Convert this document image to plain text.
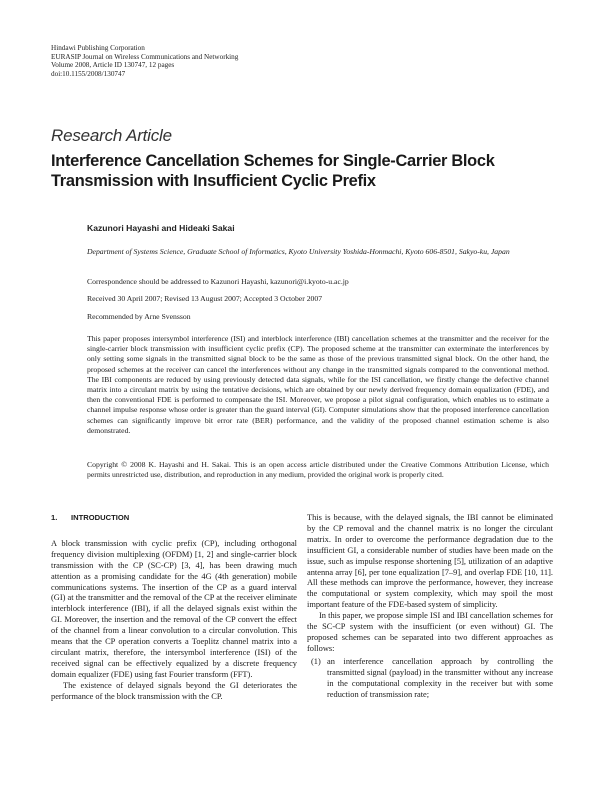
Hindawi Publishing Corporation
EURASIP Journal on Wireless Communications and Networking
Volume 2008, Article ID 130747, 12 pages
doi:10.1155/2008/130747
Research Article
Interference Cancellation Schemes for Single-Carrier Block Transmission with Insufficient Cyclic Prefix
Kazunori Hayashi and Hideaki Sakai
Department of Systems Science, Graduate School of Informatics, Kyoto University Yoshida-Honmachi, Kyoto 606-8501, Sakyo-ku, Japan
Correspondence should be addressed to Kazunori Hayashi, kazunori@i.kyoto-u.ac.jp
Received 30 April 2007; Revised 13 August 2007; Accepted 3 October 2007
Recommended by Arne Svensson

This paper proposes intersymbol interference (ISI) and interblock interference (IBI) cancellation schemes at the transmitter and the receiver for the single-carrier block transmission with insufficient cyclic prefix (CP). The proposed scheme at the transmitter can exterminate the interferences by only setting some signals in the transmitted signal block to be the same as those of the previous transmitted signal block. On the other hand, the proposed schemes at the receiver can cancel the interferences without any change in the transmitted signals compared to the conventional method. The IBI components are reduced by using previously detected data signals, while for the ISI cancellation, we firstly change the defective channel matrix into a circulant matrix by using the tentative decisions, which are obtained by our newly derived frequency domain equalization (FDE), and then the conventional FDE is performed to compensate the ISI. Moreover, we propose a pilot signal configuration, which enables us to estimate a channel impulse response whose order is greater than the guard interval (GI). Computer simulations show that the proposed interference cancellation schemes can significantly improve bit error rate (BER) performance, and the validity of the proposed channel estimation scheme is also demonstrated.

Copyright © 2008 K. Hayashi and H. Sakai. This is an open access article distributed under the Creative Commons Attribution License, which permits unrestricted use, distribution, and reproduction in any medium, provided the original work is properly cited.

1. INTRODUCTION

A block transmission with cyclic prefix (CP), including orthogonal frequency division multiplexing (OFDM) [1, 2] and single-carrier block transmission with the CP (SC-CP) [3, 4], has been drawing much attention as a promising candidate for the 4G (4th generation) mobile communications systems. The insertion of the CP as a guard interval (GI) at the transmitter and the removal of the CP at the receiver eliminate interblock interference (IBI), if all the delayed signals exist within the GI. Moreover, the insertion and the removal of the CP convert the effect of the channel from a linear convolution to a circular convolution. This means that the CP operation converts a Toeplitz channel matrix into a circulant matrix, therefore, the intersymbol interference (ISI) of the received signal can be effectively equalized by a discrete frequency domain equalizer (FDE) using fast Fourier transform (FFT).

The existence of delayed signals beyond the GI deteriorates the performance of the block transmission with the CP.

This is because, with the delayed signals, the IBI cannot be eliminated by the CP removal and the channel matrix is no longer the circulant matrix. In order to overcome the performance degradation due to the insufficient GI, a considerable number of studies have been made on the issue, such as impulse response shortening [5], utilization of an adaptive antenna array [6], per tone equalization [7–9], and overlap FDE [10, 11]. All these methods can improve the performance, however, they increase the computational or system complexity, which may spoil the most important feature of the FDE-based system of simplicity.

In this paper, we propose simple ISI and IBI cancellation schemes for the SC-CP system with the insufficient (or even without) GI. The proposed schemes can be separated into two different approaches as follows:

(1) an interference cancellation approach by controlling the transmitted signal (payload) in the transmitter without any increase in the computational complexity in the receiver but with some reduction of transmission rate;
